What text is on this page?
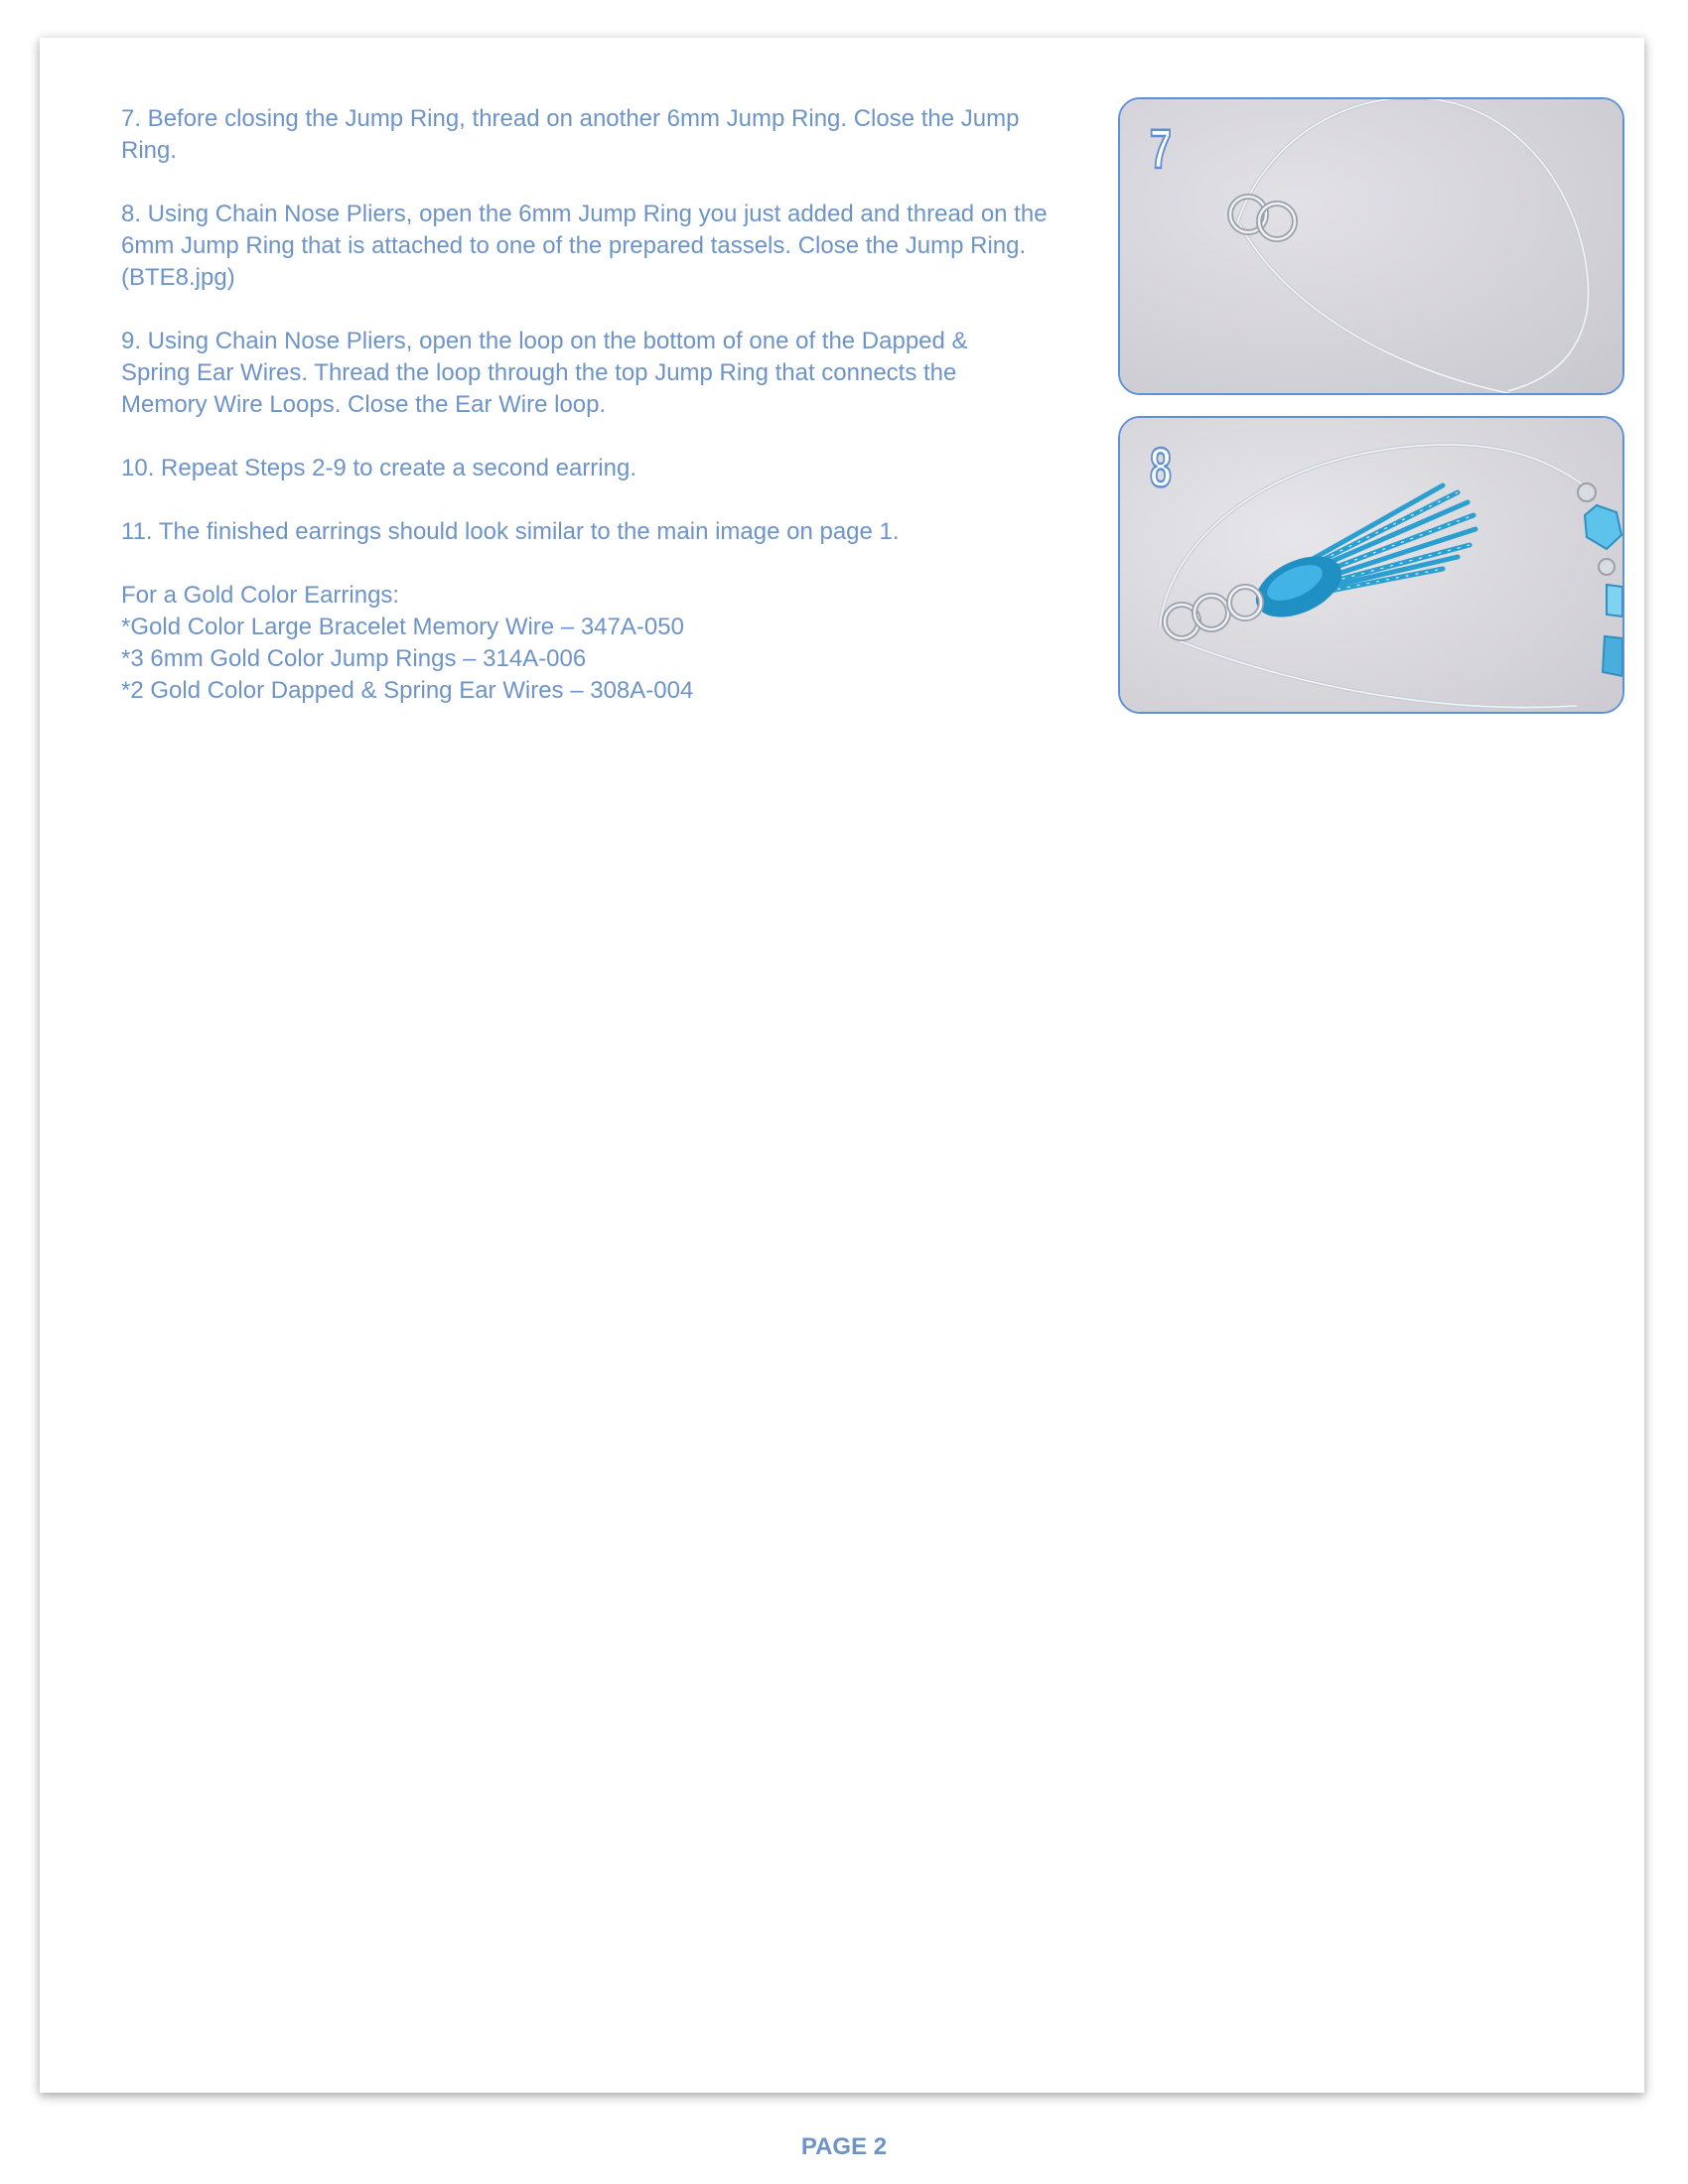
7. Before closing the Jump Ring, thread on another 6mm Jump Ring. Close the Jump
Ring.

8. Using Chain Nose Pliers, open the 6mm Jump Ring you just added and thread on the
6mm Jump Ring that is attached to one of the prepared tassels. Close the Jump Ring.
(BTE8.jpg)

9. Using Chain Nose Pliers, open the loop on the bottom of one of the Dapped &
Spring Ear Wires. Thread the loop through the top Jump Ring that connects the
Memory Wire Loops. Close the Ear Wire loop.

10. Repeat Steps 2-9 to create a second earring.

11. The finished earrings should look similar to the main image on page 1.

For a Gold Color Earrings:
*Gold Color Large Bracelet Memory Wire – 347A-050
*3 6mm Gold Color Jump Rings – 314A-006
*2 Gold Color Dapped & Spring Ear Wires – 308A-004

7
8
PAGE 2
